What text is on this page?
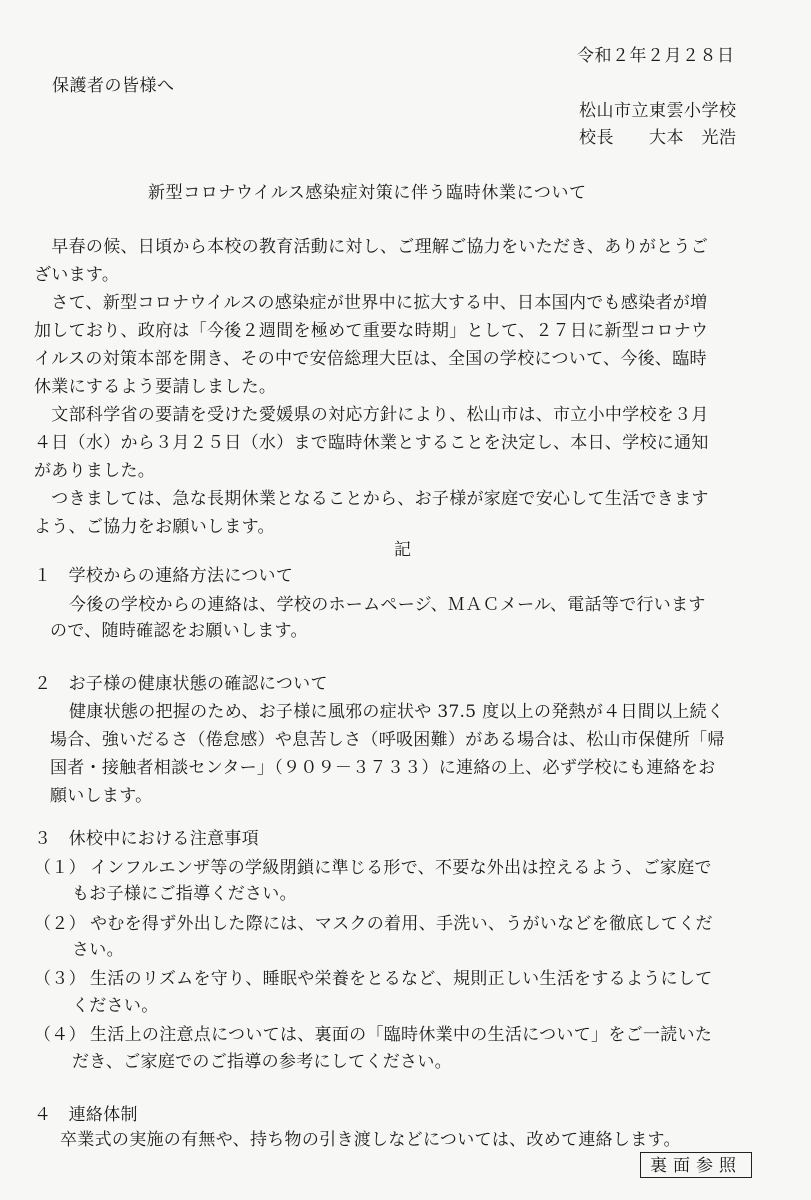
令和２年２月２８日
保護者の皆様へ
松山市立東雲小学校
校長　　大本　光浩
新型コロナウイルス感染症対策に伴う臨時休業について
　早春の候、日頃から本校の教育活動に対し、ご理解ご協力をいただき、ありがとうご
ざいます。
　さて、新型コロナウイルスの感染症が世界中に拡大する中、日本国内でも感染者が増
加しており、政府は「今後２週間を極めて重要な時期」として、２７日に新型コロナウ
イルスの対策本部を開き、その中で安倍総理大臣は、全国の学校について、今後、臨時
休業にするよう要請しました。
　文部科学省の要請を受けた愛媛県の対応方針により、松山市は、市立小中学校を３月
４日（水）から３月２５日（水）まで臨時休業とすることを決定し、本日、学校に通知
がありました。
　つきましては、急な長期休業となることから、お子様が家庭で安心して生活できます
よう、ご協力をお願いします。
記
１　学校からの連絡方法について
今後の学校からの連絡は、学校のホームページ、ＭＡＣメール、電話等で行います
ので、随時確認をお願いします。
２　お子様の健康状態の確認について
健康状態の把握のため、お子様に風邪の症状や 37.5 度以上の発熱が４日間以上続く
場合、強いだるさ（倦怠感）や息苦しさ（呼吸困難）がある場合は、松山市保健所「帰
国者・接触者相談センター」（９０９－３７３３）に連絡の上、必ず学校にも連絡をお
願いします。
３　休校中における注意事項
（１） インフルエンザ等の学級閉鎖に準じる形で、不要な外出は控えるよう、ご家庭で
もお子様にご指導ください。
（２） やむを得ず外出した際には、マスクの着用、手洗い、うがいなどを徹底してくだ
さい。
（３） 生活のリズムを守り、睡眠や栄養をとるなど、規則正しい生活をするようにして
ください。
（４） 生活上の注意点については、裏面の「臨時休業中の生活について」をご一読いた
だき、ご家庭でのご指導の参考にしてください。
４　連絡体制
卒業式の実施の有無や、持ち物の引き渡しなどについては、改めて連絡します。
裏面参照
